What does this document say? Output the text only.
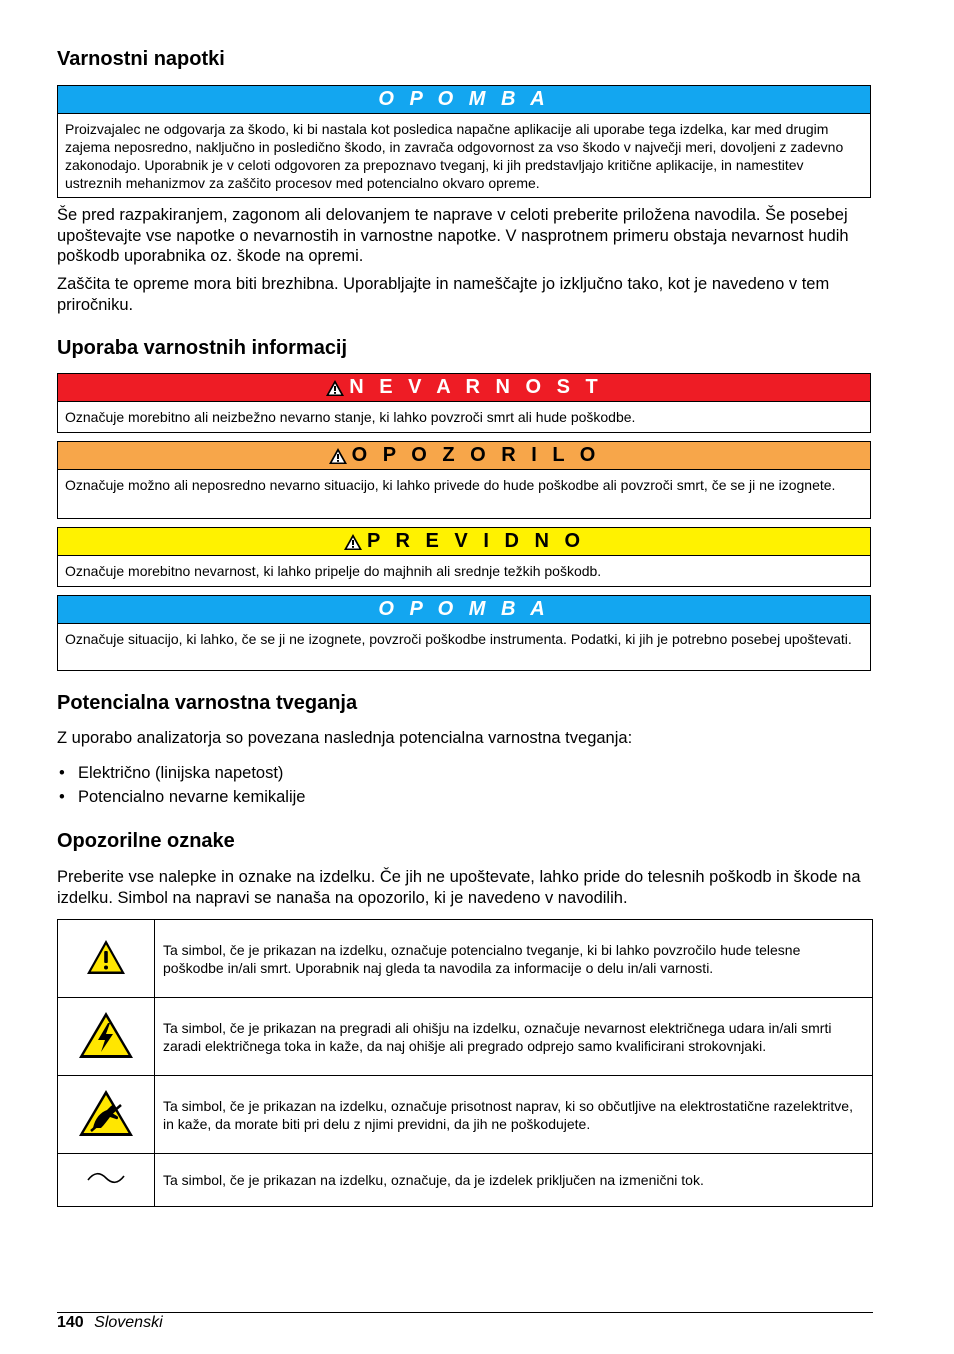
Varnostni napotki
O P O M B A
Proizvajalec ne odgovarja za škodo, ki bi nastala kot posledica napačne aplikacije ali uporabe tega izdelka, kar med drugim zajema neposredno, naključno in posledično škodo, in zavrača odgovornost za vso škodo v največji meri, dovoljeni z zadevno zakonodajo. Uporabnik je v celoti odgovoren za prepoznavo tveganj, ki jih predstavljajo kritične aplikacije, in namestitev ustreznih mehanizmov za zaščito procesov med potencialno okvaro opreme.

Še pred razpakiranjem, zagonom ali delovanjem te naprave v celoti preberite priložena navodila. Še posebej upoštevajte vse napotke o nevarnostih in varnostne napotke. V nasprotnem primeru obstaja nevarnost hudih poškodb uporabnika oz. škode na opremi.

Zaščita te opreme mora biti brezhibna. Uporabljajte in nameščajte jo izključno tako, kot je navedeno v tem priročniku.

Uporaba varnostnih informacij
N E V A R N O S T
Označuje morebitno ali neizbežno nevarno stanje, ki lahko povzroči smrt ali hude poškodbe.
O P O Z O R I L O
Označuje možno ali neposredno nevarno situacijo, ki lahko privede do hude poškodbe ali povzroči smrt, če se ji ne izognete.
P R E V I D N O
Označuje morebitno nevarnost, ki lahko pripelje do majhnih ali srednje težkih poškodb.
O P O M B A
Označuje situacijo, ki lahko, če se ji ne izognete, povzroči poškodbe instrumenta. Podatki, ki jih je potrebno posebej upoštevati.
Potencialna varnostna tveganja

Z uporabo analizatorja so povezana naslednja potencialna varnostna tveganja:

• Električno (linijska napetost)
• Potencialno nevarne kemikalije
Opozorilne oznake

Preberite vse nalepke in oznake na izdelku. Če jih ne upoštevate, lahko pride do telesnih poškodb in škode na izdelku. Simbol na napravi se nanaša na opozorilo, ki je navedeno v navodilih.

	Ta simbol, če je prikazan na izdelku, označuje potencialno tveganje, ki bi lahko povzročilo hude telesne poškodbe in/ali smrt. Uporabnik naj gleda ta navodila za informacije o delu in/ali varnosti.
	Ta simbol, če je prikazan na pregradi ali ohišju na izdelku, označuje nevarnost električnega udara in/ali smrti zaradi električnega toka in kaže, da naj ohišje ali pregrado odprejo samo kvalificirani strokovnjaki.
	Ta simbol, če je prikazan na izdelku, označuje prisotnost naprav, ki so občutljive na elektrostatične razelektritve, in kaže, da morate biti pri delu z njimi previdni, da jih ne poškodujete.
	Ta simbol, če je prikazan na izdelku, označuje, da je izdelek priključen na izmenični tok.
140 Slovenski
